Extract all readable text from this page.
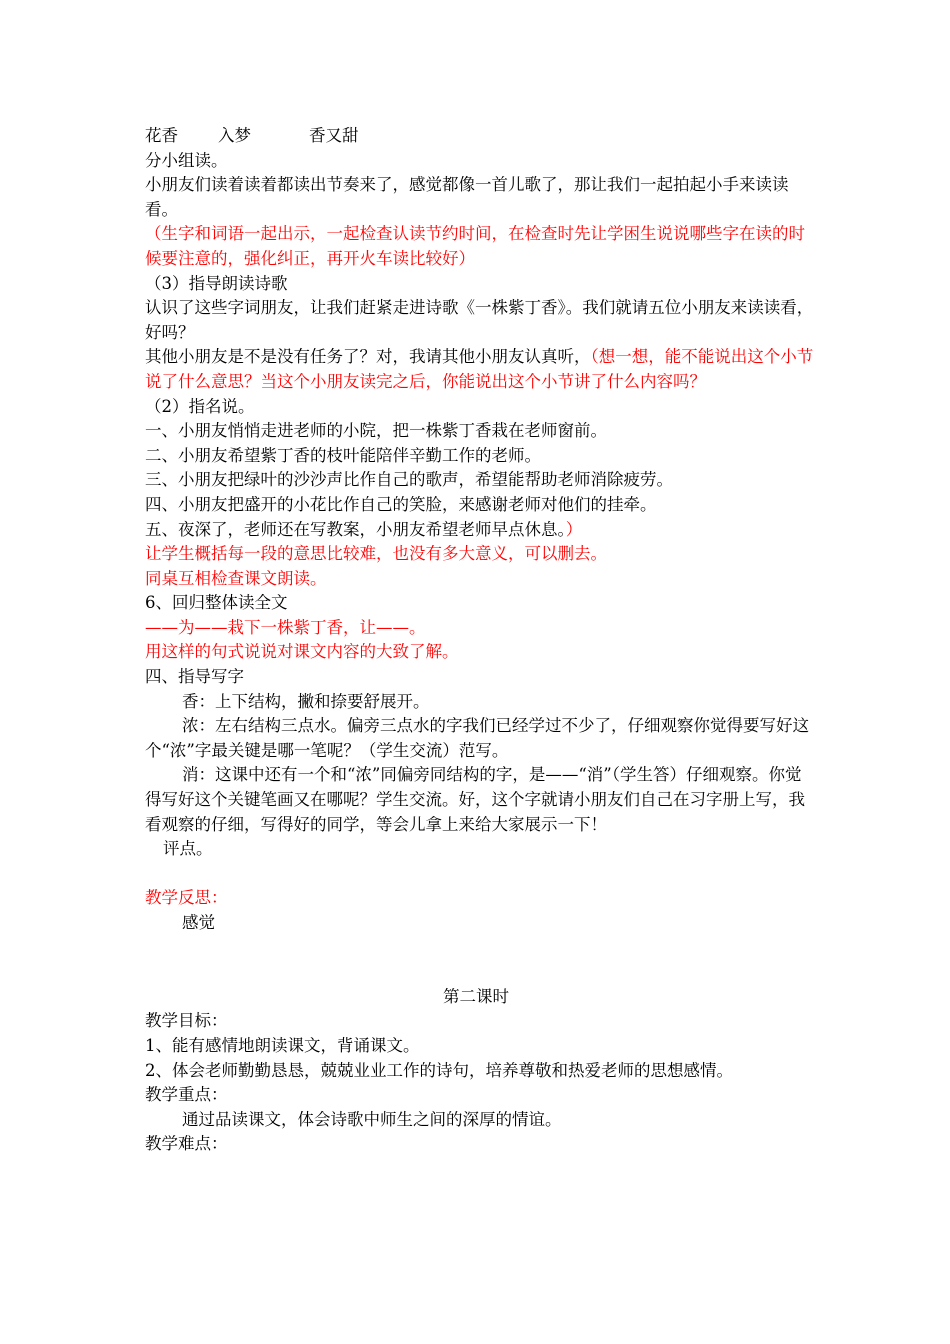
花香 入梦	香又甜
分小组读。
小朋友们读着读着都读出节奏来了，感觉都像一首儿歌了，那让我们一起拍起小手来读读看。
（生字和词语一起出示，一起检查认读节约时间，在检查时先让学困生说说哪些字在读的时候要注意的，强化纠正，再开火车读比较好）
（3）指导朗读诗歌
认识了这些字词朋友，让我们赶紧走进诗歌《一株紫丁香》。我们就请五位小朋友来读读看，好吗？
其他小朋友是不是没有任务了？对，我请其他小朋友认真听，（想一想，能不能说出这个小节说了什么意思？当这个小朋友读完之后，你能说出这个小节讲了什么内容吗？
（2）指名说。
一、小朋友悄悄走进老师的小院，把一株紫丁香栽在老师窗前。
二、小朋友希望紫丁香的枝叶能陪伴辛勤工作的老师。
三、小朋友把绿叶的沙沙声比作自己的歌声，希望能帮助老师消除疲劳。
四、小朋友把盛开的小花比作自己的笑脸，来感谢老师对他们的挂牵。
五、夜深了，老师还在写教案，小朋友希望老师早点休息。）
让学生概括每一段的意思比较难，也没有多大意义，可以删去。
同桌互相检查课文朗读。
6、回归整体读全文
——为——栽下一株紫丁香，让——。
用这样的句式说说对课文内容的大致了解。
四、指导写字
香：上下结构，撇和捺要舒展开。
浓：左右结构三点水。偏旁三点水的字我们已经学过不少了，仔细观察你觉得要写好这个“浓”字最关键是哪一笔呢？（学生交流）范写。
消：这课中还有一个和“浓”同偏旁同结构的字，是——“消”（学生答）仔细观察。你觉得写好这个关键笔画又在哪呢？学生交流。好，这个字就请小朋友们自己在习字册上写，我看观察的仔细，写得好的同学，等会儿拿上来给大家展示一下！
评点。
教学反思：
感觉
第二课时
教学目标：
1、能有感情地朗读课文，背诵课文。
2、体会老师勤勤恳恳，兢兢业业工作的诗句，培养尊敬和热爱老师的思想感情。
教学重点：
通过品读课文，体会诗歌中师生之间的深厚的情谊。
教学难点：
